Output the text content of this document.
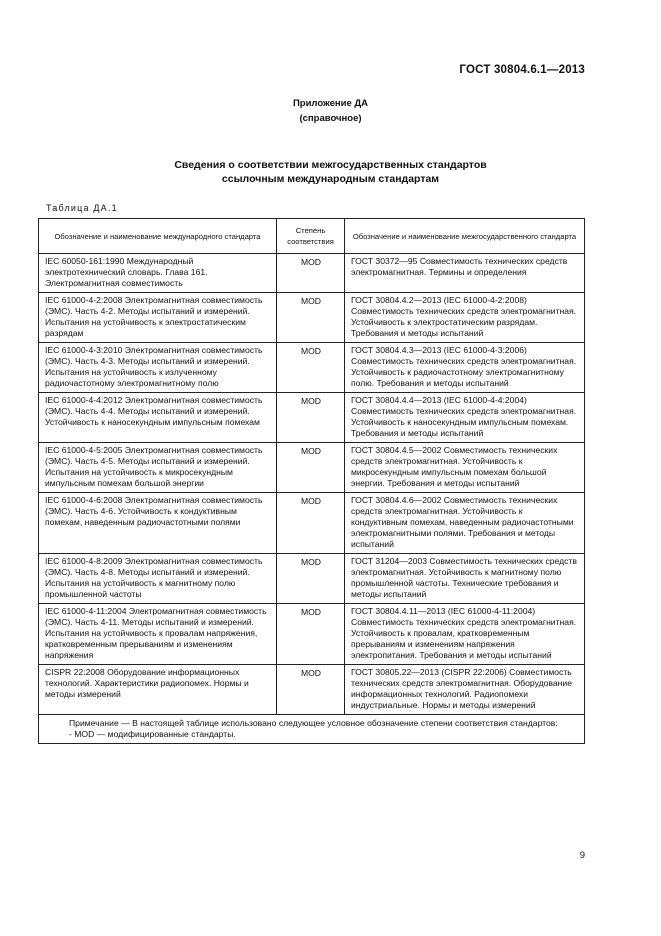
ГОСТ 30804.6.1—2013
Приложение ДА
(справочное)
Сведения о соответствии межгосударственных стандартов
ссылочным международным стандартам
Таблица ДА.1
Обозначение и наименование международного стандарта	Степень соответствия	Обозначение и наименование межгосударственного стандарта
IEC 60050-161:1990 Международный электротехнический словарь. Глава 161. Электромагнитная совместимость	MOD	ГОСТ 30372—95 Совместимость технических средств электромагнитная. Термины и определения
IEC 61000-4-2:2008 Электромагнитная совместимость (ЭМС). Часть 4-2. Методы испытаний и измерений. Испытания на устойчивость к электростатическим разрядам	MOD	ГОСТ 30804.4.2—2013 (IEC 61000-4-2:2008) Совместимость технических средств электромагнитная. Устойчивость к электростатическим разрядам. Требования и методы испытаний
IEC 61000-4-3:2010 Электромагнитная совместимость (ЭМС). Часть 4-3. Методы испытаний и измерений. Испытания на устойчивость к излученному радиочастотному электромагнитному полю	MOD	ГОСТ 30804.4.3—2013 (IEC 61000-4-3:2006) Совместимость технических средств электромагнитная. Устойчивость к радиочастотному электромагнитному полю. Требования и методы испытаний
IEC 61000-4-4:2012 Электромагнитная совместимость (ЭМС). Часть 4-4. Методы испытаний и измерений. Устойчивость к наносекундным импульсным помехам	MOD	ГОСТ 30804.4.4—2013 (IEC 61000-4-4:2004) Совместимость технических средств электромагнитная. Устойчивость к наносекундным импульсным помехам. Требования и методы испытаний
IEC 61000-4-5:2005 Электромагнитная совместимость (ЭМС). Часть 4-5. Методы испытаний и измерений. Испытания на устойчивость к микросекундным импульсным помехам большой энергии	MOD	ГОСТ 30804.4.5—2002 Совместимость технических средств электромагнитная. Устойчивость к микросекундным импульсным помехам большой энергии. Требования и методы испытаний
IEC 61000-4-6:2008 Электромагнитная совместимость (ЭМС). Часть 4-6. Устойчивость к кондуктивным помехам, наведенным радиочастотными полями	MOD	ГОСТ 30804.4.6—2002 Совместимость технических средств электромагнитная. Устойчивость к кондуктивным помехам, наведенным радиочастотными электромагнитными полями. Требования и методы испытаний
IEC 61000-4-8:2009 Электромагнитная совместимость (ЭМС). Часть 4-8. Методы испытаний и измерений. Испытания на устойчивость к магнитному полю промышленной частоты	MOD	ГОСТ 31204—2003 Совместимость технических средств электромагнитная. Устойчивость к магнитному полю промышленной частоты. Технические требования и методы испытаний
IEC 61000-4-11:2004 Электромагнитная совместимость (ЭМС). Часть 4-11. Методы испытаний и измерений. Испытания на устойчивость к провалам напряжения, кратковременным прерываниям и изменениям напряжения	MOD	ГОСТ 30804.4.11—2013 (IEC 61000-4-11:2004) Совместимость технических средств электромагнитная. Устойчивость к провалам, кратковременным прерываниям и изменениям напряжения электропитания. Требования и методы испытаний
CISPR 22:2008 Оборудование информационных технологий. Характеристики радиопомех. Нормы и методы измерений	MOD	ГОСТ 30805.22—2013 (CISPR 22:2006) Совместимость технических средств электромагнитная. Оборудование информационных технологий. Радиопомехи индустриальные. Нормы и методы измерений

Примечание — В настоящей таблице использовано следующее условное обозначение степени соответствия стандартов:
- MOD — модифицированные стандарты.		
9
